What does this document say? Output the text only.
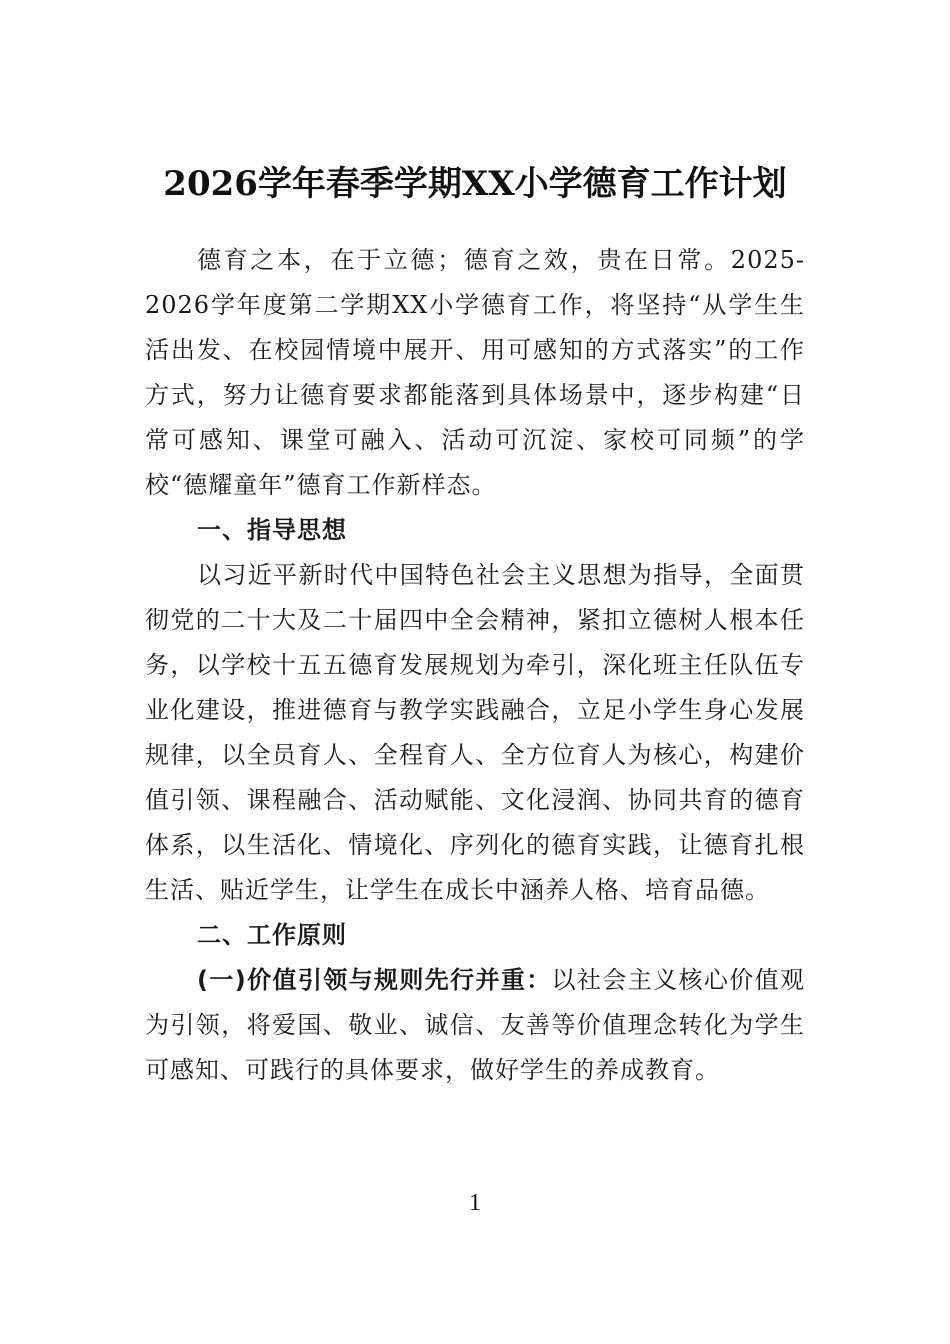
2026学年春季学期XX小学德育工作计划

德育之本，在于立德；德育之效，贵在日常。2025-2026学年度第二学期XX小学德育工作，将坚持“从学生生活出发、在校园情境中展开、用可感知的方式落实”的工作方式，努力让德育要求都能落到具体场景中，逐步构建“日常可感知、课堂可融入、活动可沉淀、家校可同频”的学校“德耀童年”德育工作新样态。

一、指导思想

以习近平新时代中国特色社会主义思想为指导，全面贯彻党的二十大及二十届四中全会精神，紧扣立德树人根本任务，以学校十五五德育发展规划为牵引，深化班主任队伍专业化建设，推进德育与教学实践融合，立足小学生身心发展规律，以全员育人、全程育人、全方位育人为核心，构建价值引领、课程融合、活动赋能、文化浸润、协同共育的德育体系，以生活化、情境化、序列化的德育实践，让德育扎根生活、贴近学生，让学生在成长中涵养人格、培育品德。

二、工作原则

(一)价值引领与规则先行并重：以社会主义核心价值观为引领，将爱国、敬业、诚信、友善等价值理念转化为学生可感知、可践行的具体要求，做好学生的养成教育。

1
